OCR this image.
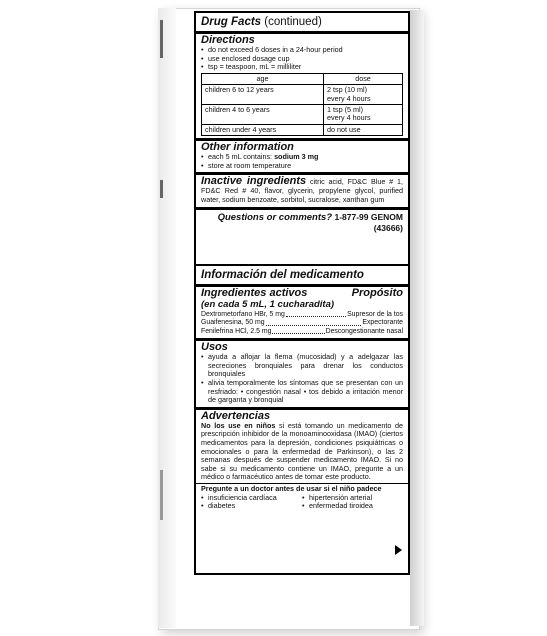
Drug Facts (continued)
Directions
• do not exceed 6 doses in a 24-hour period
• use enclosed dosage cup
• tsp = teaspoon, mL = milliliter
age	dose
children 6 to 12 years	2 tsp (10 ml)
every 4 hours

children 4 to 6 years	1 tsp (5 ml)
every 4 hours

children under 4 years	do not use
Other information
• each 5 mL contains: sodium 3 mg
• store at room temperature
Inactive ingredients citric acid, FD&C Blue # 1, FD&C Red # 40, flavor, glycerin, propylene glycol, purified water, sodium benzoate, sorbitol, sucralose, xanthan gum
Questions or comments? 1-877-99 GENOM (43666)
Información del medicamento
Ingredientes activos	Propósito
(en cada 5 mL, 1 cucharadita)
Dextrometorfano HBr, 5 mg	Supresor de la tos
Guaifenesina, 50 mg	Expectorante
Fenilefrina HCl, 2.5 mg	Descongestionante nasal
Usos
• ayuda a aflojar la flema (mucosidad) y a adelgazar las secreciones bronquiales para drenar los conductos bronquiales
• alivia temporalmente los síntomas que se presentan con un resfriado: • congestión nasal • tos debido a irritación menor de garganta y bronquial
Advertencias
No los use en niños si está tomando un medicamento de prescripción inhibidor de la monoaminooxidasa (IMAO) (ciertos medicamentos para la depresión, condiciones psiquiátricas o emocionales o para la enfermedad de Parkinson), o las 2 semanas después de suspender medicamento IMAO. Si no sabe si su medicamento contiene un IMAO, pregunte a un médico o farmacéutico antes de tomar este producto.
Pregunte a un doctor antes de usar si el niño padece
• insuficiencia cardíaca
• diabetes
• hipertensión arterial
• enfermedad tiroidea
